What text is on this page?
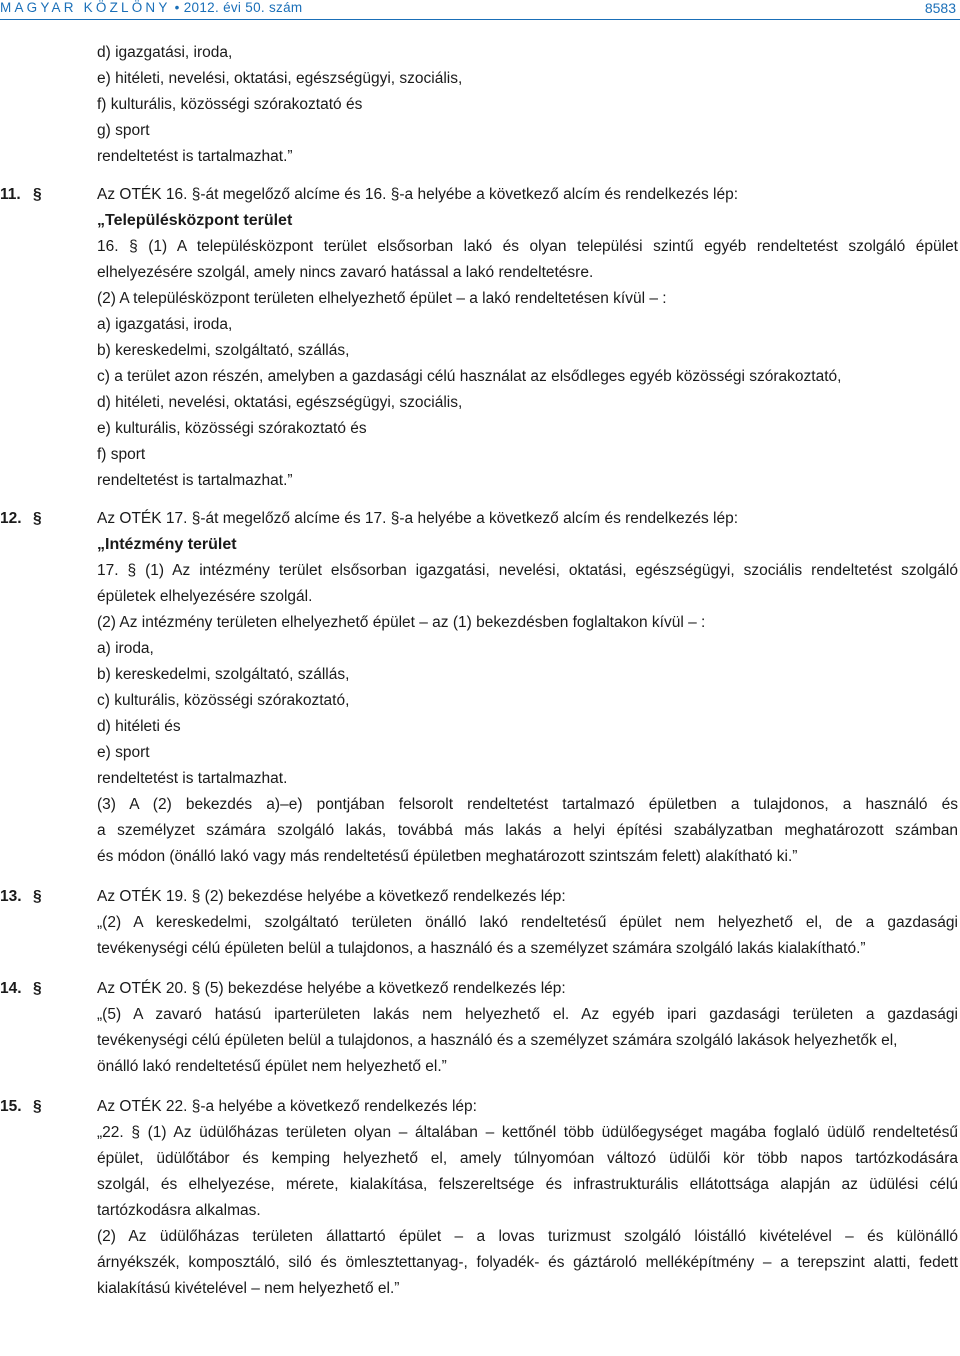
MAGYAR KÖZLÖNY • 2012. évi 50. szám	8583
d) igazgatási, iroda,
e) hitéleti, nevelési, oktatási, egészségügyi, szociális,
f) kulturális, közösségi szórakoztató és
g) sport
rendeltetést is tartalmazhat.”
11. §	Az OTÉK 16. §-át megelőző alcíme és 16. §-a helyébe a következő alcím és rendelkezés lép:
„Településközpont terület
16. § (1) A településközpont terület elsősorban lakó és olyan települési szintű egyéb rendeltetést szolgáló épület
elhelyezésére szolgál, amely nincs zavaró hatással a lakó rendeltetésre.
(2) A településközpont területen elhelyezhető épület – a lakó rendeltetésen kívül – :
a) igazgatási, iroda,
b) kereskedelmi, szolgáltató, szállás,
c) a terület azon részén, amelyben a gazdasági célú használat az elsődleges egyéb közösségi szórakoztató,
d) hitéleti, nevelési, oktatási, egészségügyi, szociális,
e) kulturális, közösségi szórakoztató és
f) sport
rendeltetést is tartalmazhat.”
12. §	Az OTÉK 17. §-át megelőző alcíme és 17. §-a helyébe a következő alcím és rendelkezés lép:
„Intézmény terület
17. § (1) Az intézmény terület elsősorban igazgatási, nevelési, oktatási, egészségügyi, szociális rendeltetést szolgáló
épületek elhelyezésére szolgál.
(2) Az intézmény területen elhelyezhető épület – az (1) bekezdésben foglaltakon kívül – :
a) iroda,
b) kereskedelmi, szolgáltató, szállás,
c) kulturális, közösségi szórakoztató,
d) hitéleti és
e) sport
rendeltetést is tartalmazhat.
(3) A (2) bekezdés a)–e) pontjában felsorolt rendeltetést tartalmazó épületben a tulajdonos, a használó és
a személyzet számára szolgáló lakás, továbbá más lakás a helyi építési szabályzatban meghatározott számban
és módon (önálló lakó vagy más rendeltetésű épületben meghatározott szintszám felett) alakítható ki.”
13. §	Az OTÉK 19. § (2) bekezdése helyébe a következő rendelkezés lép:
„(2) A kereskedelmi, szolgáltató területen önálló lakó rendeltetésű épület nem helyezhető el, de a gazdasági
tevékenységi célú épületen belül a tulajdonos, a használó és a személyzet számára szolgáló lakás kialakítható.”
14. §	Az OTÉK 20. § (5) bekezdése helyébe a következő rendelkezés lép:
„(5) A zavaró hatású iparterületen lakás nem helyezhető el. Az egyéb ipari gazdasági területen a gazdasági
tevékenységi célú épületen belül a tulajdonos, a használó és a személyzet számára szolgáló lakások helyezhetők el,
önálló lakó rendeltetésű épület nem helyezhető el.”
15. §	Az OTÉK 22. §-a helyébe a következő rendelkezés lép:
„22. § (1) Az üdülőházas területen olyan – általában – kettőnél több üdülőegységet magába foglaló üdülő rendeltetésű
épület, üdülőtábor és kemping helyezhető el, amely túlnyomóan változó üdülői kör több napos tartózkodására
szolgál, és elhelyezése, mérete, kialakítása, felszereltsége és infrastrukturális ellátottsága alapján az üdülési célú
tartózkodásra alkalmas.
(2) Az üdülőházas területen állattartó épület – a lovas turizmust szolgáló lóistálló kivételével – és különálló
árnyékszék, komposztáló, siló és ömlesztettanyag-, folyadék- és gáztároló melléképítmény – a terepszint alatti, fedett
kialakítású kivételével – nem helyezhető el.”
